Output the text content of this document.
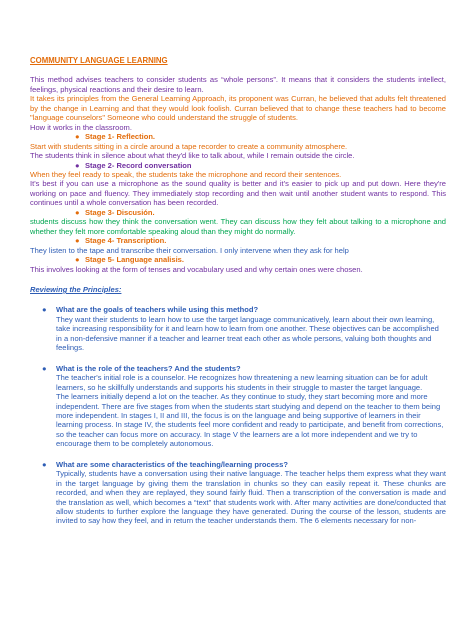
COMMUNITY LANGUAGE LEARNING
This method advises teachers to consider students as “whole persons”. It means that it considers the students intellect, feelings, physical reactions and their desire to learn.
It takes its principles from the General Learning Approach, its proponent was Curran, he believed that adults felt threatened by the change in Learning and that they would look foolish. Curran believed that to change these teachers had to become "language counselors" Someone who could understand the struggle of students.
How it works in the classroom.
● Stage 1- Reflection.
Start with students sitting in a circle around a tape recorder to create a community atmosphere.
The students think in silence about what they'd like to talk about, while I remain outside the circle.
● Stage 2- Record conversation
When they feel ready to speak, the students take the microphone and record their sentences.
It's best if you can use a microphone as the sound quality is better and it's easier to pick up and put down. Here they're working on pace and fluency. They immediately stop recording and then wait until another student wants to respond. This continues until a whole conversation has been recorded.
● Stage 3- Discusión.
students discuss how they think the conversation went. They can discuss how they felt about talking to a microphone and whether they felt more comfortable speaking aloud than they might do normally.
● Stage 4- Transcription.
They listen to the tape and transcribe their conversation. I only intervene when they ask for help
● Stage 5- Language analisis.
This involves looking at the form of tenses and vocabulary used and why certain ones were chosen.
Reviewing the Principles:
● What are the goals of teachers while using this method?
They want their students to learn how to use the target language communicatively, learn about their own learning, take increasing responsibility for it and learn how to learn from one another. These objectives can be accomplished in a non-defensive manner if a teacher and learner treat each other as whole persons, valuing both thoughts and feelings.
● What is the role of the teachers? And the students?
The teacher's initial role is a counselor. He recognizes how threatening a new learning situation can be for adult learners, so he skillfully understands and supports his students in their struggle to master the target language.
The learners initially depend a lot on the teacher. As they continue to study, they start becoming more and more independent. There are five stages from when the students start studying and depend on the teacher to them being more independent. In stages I, II and III, the focus is on the language and being supportive of learners in their learning process. In stage IV, the students feel more confident and ready to participate, and benefit from corrections, so the teacher can focus more on accuracy. In stage V the learners are a lot more independent and we try to encourage them to be completely autonomous.
● What are some characteristics of the teaching/learning process?
Typically, students have a conversation using their native language. The teacher helps them express what they want in the target language by giving them the translation in chunks so they can easily repeat it. These chunks are recorded, and when they are replayed, they sound fairly fluid. Then a transcription of the conversation is made and the translation as well, which becomes a “text” that students work with. After many activities are done/conducted that allow students to further explore the language they have generated. During the course of the lesson, students are invited to say how they feel, and in return the teacher understands them. The 6 elements necessary for non-
